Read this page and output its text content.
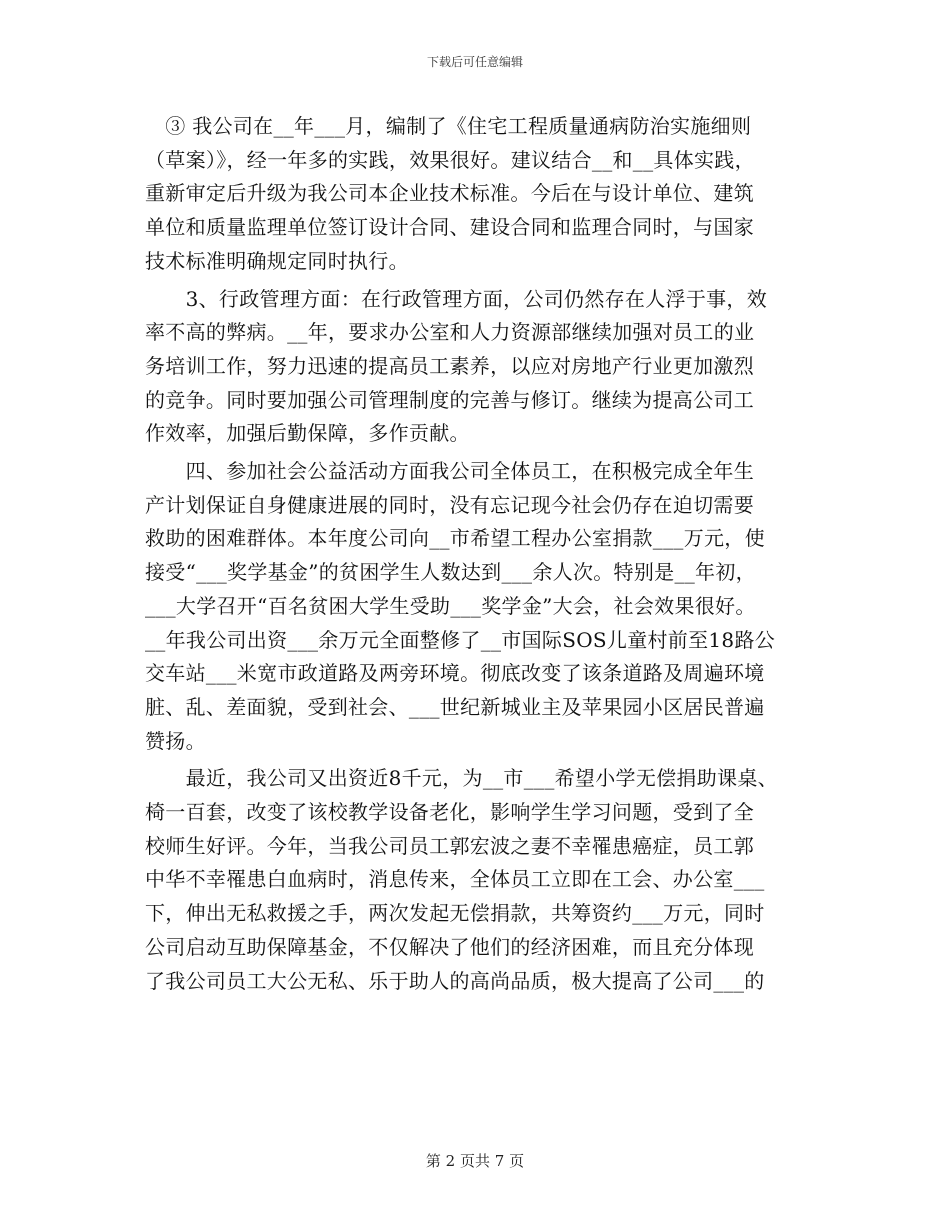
下载后可任意编辑

　③ 我公司在__年___月，编制了《住宅工程质量通病防治实施细则
（草案）》，经一年多的实践，效果很好。建议结合__和__具体实践，
重新审定后升级为我公司本企业技术标准。今后在与设计单位、建筑
单位和质量监理单位签订设计合同、建设合同和监理合同时，与国家
技术标准明确规定同时执行。

　　3、行政管理方面：在行政管理方面，公司仍然存在人浮于事，效
率不高的弊病。__年，要求办公室和人力资源部继续加强对员工的业
务培训工作，努力迅速的提高员工素养，以应对房地产行业更加激烈
的竞争。同时要加强公司管理制度的完善与修订。继续为提高公司工
作效率，加强后勤保障，多作贡献。

　　四、参加社会公益活动方面我公司全体员工，在积极完成全年生
产计划保证自身健康进展的同时，没有忘记现今社会仍存在迫切需要
救助的困难群体。本年度公司向__市希望工程办公室捐款___万元，使
接受“___奖学基金”的贫困学生人数达到___余人次。特别是__年初，
___大学召开“百名贫困大学生受助___奖学金”大会，社会效果很好。
__年我公司出资___余万元全面整修了__市国际SOS儿童村前至18路公
交车站___米宽市政道路及两旁环境。彻底改变了该条道路及周遍环境
脏、乱、差面貌，受到社会、___世纪新城业主及苹果园小区居民普遍
赞扬。

　　最近，我公司又出资近8千元，为__市___希望小学无偿捐助课桌、
椅一百套，改变了该校教学设备老化，影响学生学习问题，受到了全
校师生好评。今年，当我公司员工郭宏波之妻不幸罹患癌症，员工郭
中华不幸罹患白血病时，消息传来，全体员工立即在工会、办公室___
下，伸出无私救援之手，两次发起无偿捐款，共筹资约___万元，同时
公司启动互助保障基金，不仅解决了他们的经济困难，而且充分体现
了我公司员工大公无私、乐于助人的高尚品质，极大提高了公司___的

第 2 页共 7 页
